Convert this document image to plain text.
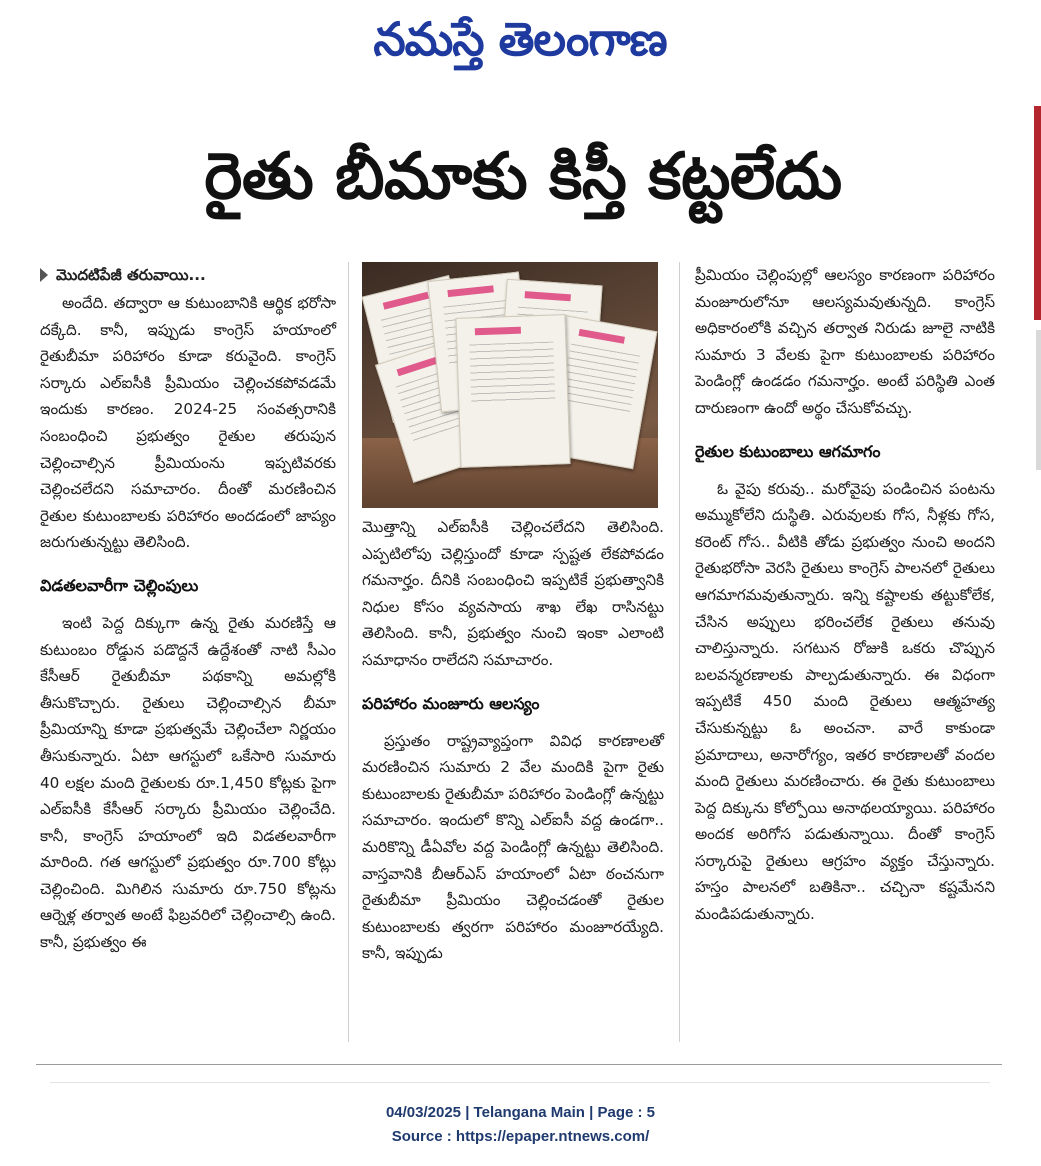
నమస్తే తెలంగాణ
రైతు బీమాకు కిస్తీ కట్టలేదు
మొదటిపేజీ తరువాయి...

అందేది. తద్వారా ఆ కుటుంబానికి ఆర్థిక భరోసా దక్కేది. కానీ, ఇప్పుడు కాంగ్రెస్ హయాంలో రైతుబీమా పరిహారం కూడా కరువైంది. కాంగ్రెస్ సర్కారు ఎల్ఐసీకి ప్రీమియం చెల్లించకపోవడమే ఇందుకు కారణం. 2024-25 సంవత్సరానికి సంబంధించి ప్రభుత్వం రైతుల తరుపున చెల్లించాల్సిన ప్రీమియంను ఇప్పటివరకు చెల్లించలేదని సమాచారం. దీంతో మరణించిన రైతుల కుటుంబాలకు పరిహారం అందడంలో జాప్యం జరుగుతున్నట్టు తెలిసింది.

విడతలవారీగా చెల్లింపులు

ఇంటి పెద్ద దిక్కుగా ఉన్న రైతు మరణిస్తే ఆ కుటుంబం రోడ్డున పడొద్దనే ఉద్దేశంతో నాటి సీఎం కేసీఆర్ రైతుబీమా పథకాన్ని అమల్లోకి తీసుకొచ్చారు. రైతులు చెల్లించాల్సిన బీమా ప్రీమియాన్ని కూడా ప్రభుత్వమే చెల్లించేలా నిర్ణయం తీసుకున్నారు. ఏటా ఆగస్టులో ఒకేసారి సుమారు 40 లక్షల మంది రైతులకు రూ.1,450 కోట్లకు పైగా ఎల్ఐసీకి కేసీఆర్ సర్కారు ప్రీమియం చెల్లించేది. కానీ, కాంగ్రెస్ హయాంలో ఇది విడతలవారీగా మారింది. గత ఆగస్టులో ప్రభుత్వం రూ.700 కోట్లు చెల్లించింది. మిగిలిన సుమారు రూ.750 కోట్లను ఆర్నెళ్ల తర్వాత అంటే ఫిబ్రవరిలో చెల్లించాల్సి ఉంది. కానీ, ప్రభుత్వం ఈ

మొత్తాన్ని ఎల్ఐసీకి చెల్లించలేదని తెలిసింది. ఎప్పటిలోపు చెల్లిస్తుందో కూడా స్పష్టత లేకపోవడం గమనార్హం. దీనికి సంబంధించి ఇప్పటికే ప్రభుత్వానికి నిధుల కోసం వ్యవసాయ శాఖ లేఖ రాసినట్టు తెలిసింది. కానీ, ప్రభుత్వం నుంచి ఇంకా ఎలాంటి సమాధానం రాలేదని సమాచారం.

పరిహారం మంజూరు ఆలస్యం

ప్రస్తుతం రాష్ట్రవ్యాప్తంగా వివిధ కారణాలతో మరణించిన సుమారు 2 వేల మందికి పైగా రైతు కుటుంబాలకు రైతుబీమా పరిహారం పెండింగ్లో ఉన్నట్టు సమాచారం. ఇందులో కొన్ని ఎల్ఐసీ వద్ద ఉండగా.. మరికొన్ని డీఏవోల వద్ద పెండింగ్లో ఉన్నట్టు తెలిసింది. వాస్తవానికి బీఆర్ఎస్ హయాంలో ఏటా ఠంచనుగా రైతుబీమా ప్రీమియం చెల్లించడంతో రైతుల కుటుంబాలకు త్వరగా పరిహారం మంజూరయ్యేది. కానీ, ఇప్పుడు

ప్రీమియం చెల్లింపుల్లో ఆలస్యం కారణంగా పరిహారం మంజూరులోనూ ఆలస్యమవుతున్నది. కాంగ్రెస్ అధికారంలోకి వచ్చిన తర్వాత నిరుడు జూలై నాటికి సుమారు 3 వేలకు పైగా కుటుంబాలకు పరిహారం పెండింగ్లో ఉండడం గమనార్హం. అంటే పరిస్థితి ఎంత దారుణంగా ఉందో అర్థం చేసుకోవచ్చు.

రైతుల కుటుంబాలు ఆగమాగం

ఓ వైపు కరువు.. మరోవైపు పండించిన పంటను అమ్ముకోలేని దుస్థితి. ఎరువులకు గోస, నీళ్లకు గోస, కరెంట్ గోస.. వీటికి తోడు ప్రభుత్వం నుంచి అందని రైతుభరోసా వెరసి రైతులు కాంగ్రెస్ పాలనలో రైతులు ఆగమాగమవుతున్నారు. ఇన్ని కష్టాలకు తట్టుకోలేక, చేసిన అప్పులు భరించలేక రైతులు తనువు చాలిస్తున్నారు. సగటున రోజుకి ఒకరు చొప్పున బలవన్మరణాలకు పాల్పడుతున్నారు. ఈ విధంగా ఇప్పటికే 450 మంది రైతులు ఆత్మహత్య చేసుకున్నట్టు ఓ అంచనా. వారే కాకుండా ప్రమాదాలు, అనారోగ్యం, ఇతర కారణాలతో వందల మంది రైతులు మరణించారు. ఈ రైతు కుటుంబాలు పెద్ద దిక్కును కోల్పోయి అనాథలయ్యాయి. పరిహారం అందక అరిగోస పడుతున్నాయి. దీంతో కాంగ్రెస్ సర్కారుపై రైతులు ఆగ్రహం వ్యక్తం చేస్తున్నారు. హస్తం పాలనలో బతికినా.. చచ్చినా కష్టమేనని మండిపడుతున్నారు.

04/03/2025 | Telangana Main | Page : 5
Source : https://epaper.ntnews.com/
